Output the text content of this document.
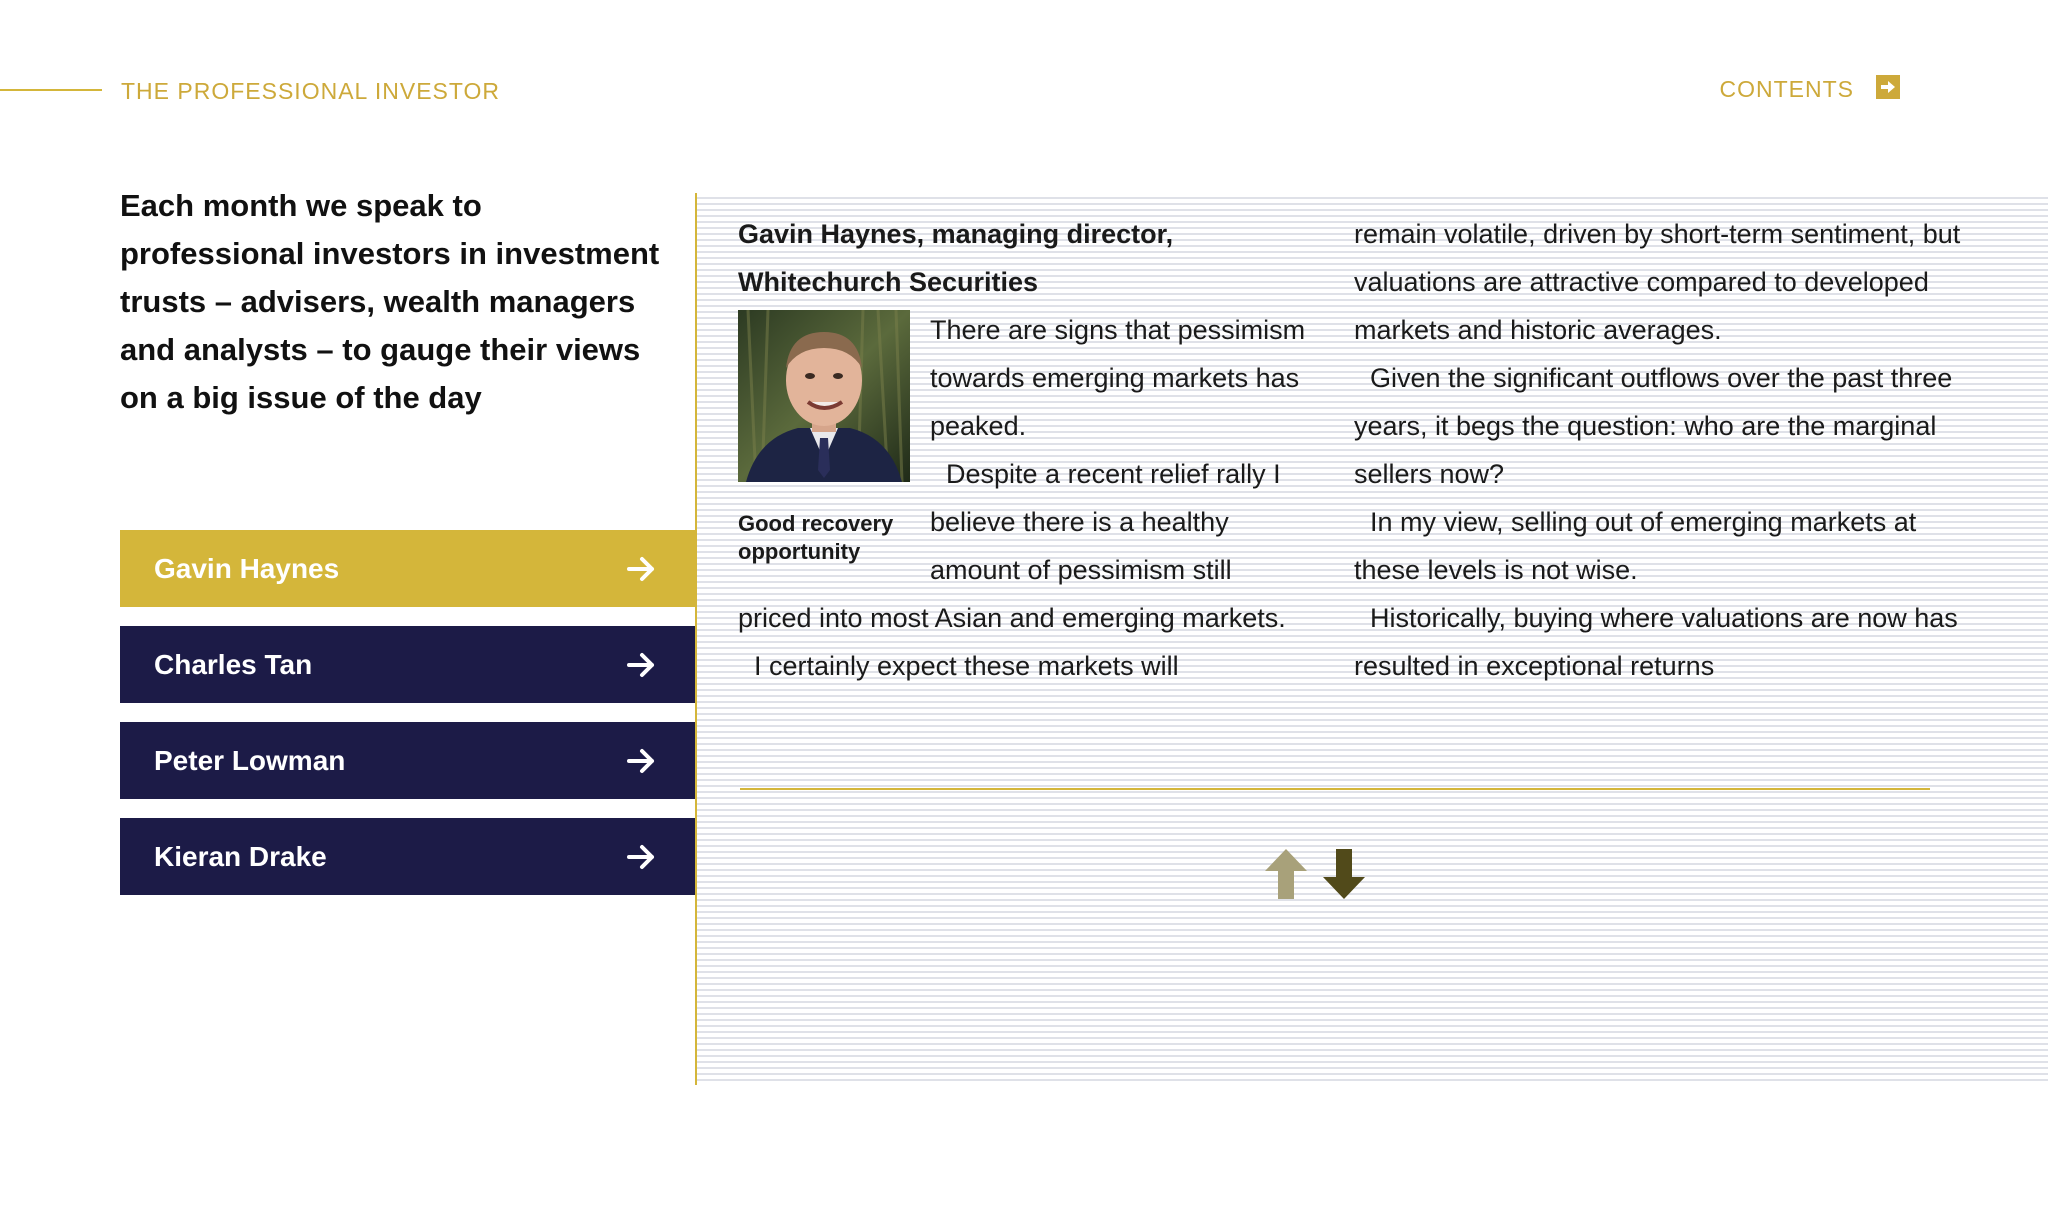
THE PROFESSIONAL INVESTOR	CONTENTS
Each month we speak to professional investors in investment trusts – advisers, wealth managers and analysts – to gauge their views on a big issue of the day
Gavin Haynes
Charles Tan
Peter Lowman
Kieran Drake
Gavin Haynes, managing director,
Whitechurch Securities
Good recovery opportunity

There are signs that pessimism towards emerging markets has peaked.

Despite a recent relief rally I believe there is a healthy amount of pessimism still priced into most Asian and emerging markets.

I certainly expect these markets will

remain volatile, driven by short-term sentiment, but valuations are attractive compared to developed markets and historic averages.

Given the significant outflows over the past three years, it begs the question: who are the marginal sellers now?

In my view, selling out of emerging markets at these levels is not wise.

Historically, buying where valuations are now has resulted in exceptional returns
